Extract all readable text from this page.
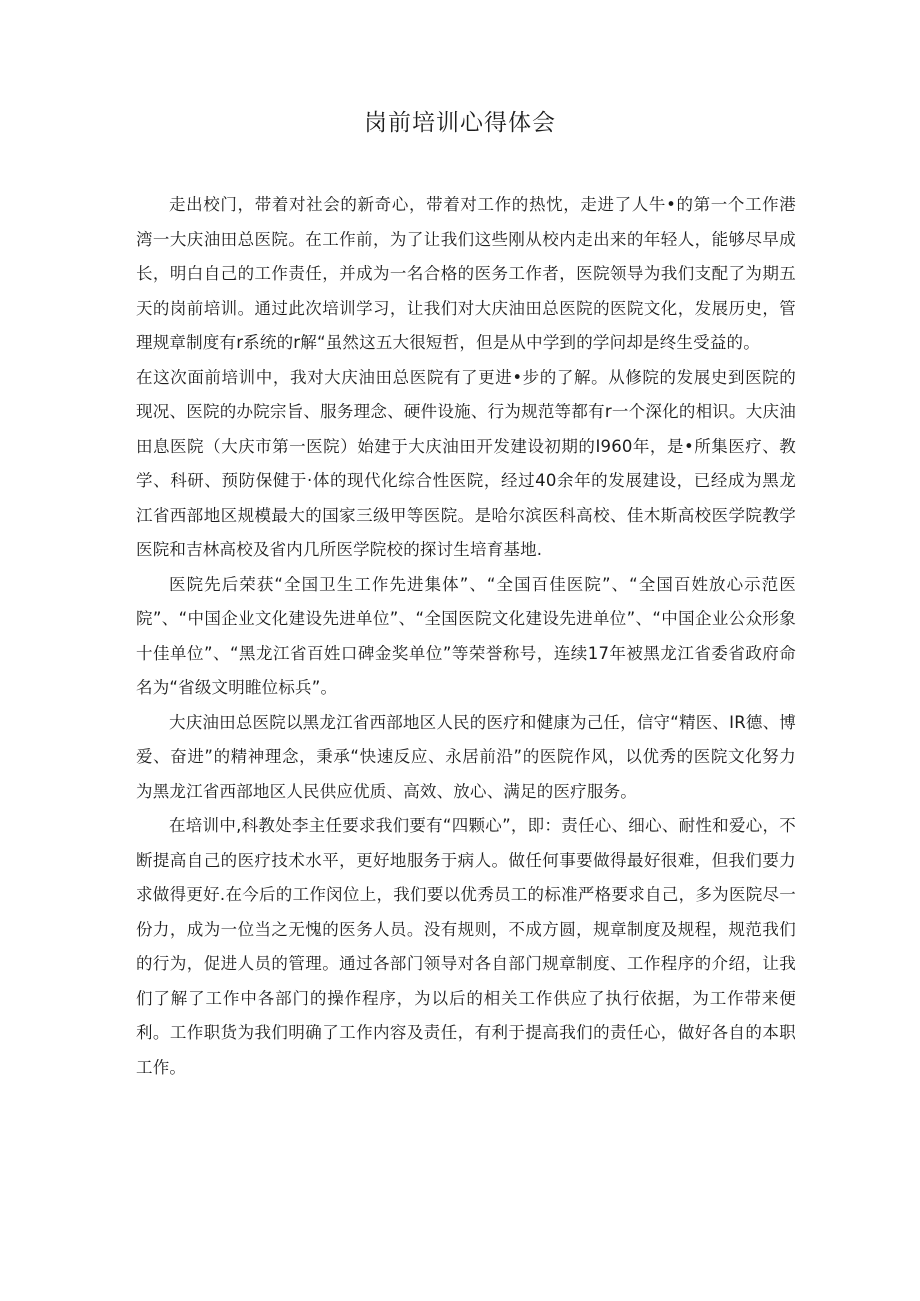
岗前培训心得体会

走出校门，带着对社会的新奇心，带着对工作的热忱，走进了人牛•的第一个工作港湾一大庆油田总医院。在工作前，为了让我们这些刚从校内走出来的年轻人，能够尽早成长，明白自己的工作责任，并成为一名合格的医务工作者，医院领导为我们支配了为期五天的岗前培训。通过此次培训学习，让我们对大庆油田总医院的医院文化，发展历史，管理规章制度有r系统的r解“虽然这五大很短哲，但是从中学到的学问却是终生受益的。

在这次面前培训中，我对大庆油田总医院有了更进•步的了解。从修院的发展史到医院的现况、医院的办院宗旨、服务理念、硬件设施、行为规范等都有r一个深化的相识。大庆油田息医院（大庆市第一医院）始建于大庆油田开发建设初期的I960年，是•所集医疗、教学、科研、预防保健于·体的现代化综合性医院，经过40余年的发展建设，已经成为黑龙江省西部地区规模最大的国家三级甲等医院。是哈尔滨医科高校、佳木斯高校医学院教学医院和吉林高校及省内几所医学院校的探讨生培育基地.

医院先后荣获“全国卫生工作先进集体”、“全国百佳医院”、“全国百姓放心示范医院”、“中国企业文化建设先进单位”、“全国医院文化建设先进单位”、“中国企业公众形象十佳单位”、“黑龙江省百姓口碑金奖单位”等荣誉称号，连续17年被黑龙江省委省政府命名为“省级文明睢位标兵”。

大庆油田总医院以黑龙江省西部地区人民的医疗和健康为己任，信守“精医、IR德、博爱、奋进”的精神理念，秉承“快速反应、永居前沿”的医院作风，以优秀的医院文化努力为黑龙江省西部地区人民供应优质、高效、放心、满足的医疗服务。

在培训中,科教处李主任要求我们要有“四颗心”，即：责任心、细心、耐性和爱心，不断提高自己的医疗技术水平，更好地服务于病人。做任何事要做得最好很难，但我们要力求做得更好.在今后的工作闵位上，我们要以优秀员工的标准严格要求自己，多为医院尽一份力，成为一位当之无愧的医务人员。没有规则，不成方圆，规章制度及规程，规范我们的行为，促进人员的管理。通过各部门领导对各自部门规章制度、工作程序的介绍，让我们了解了工作中各部门的操作程序，为以后的相关工作供应了执行依据，为工作带来便利。工作职货为我们明确了工作内容及责任，有利于提高我们的责任心，做好各自的本职工作。
